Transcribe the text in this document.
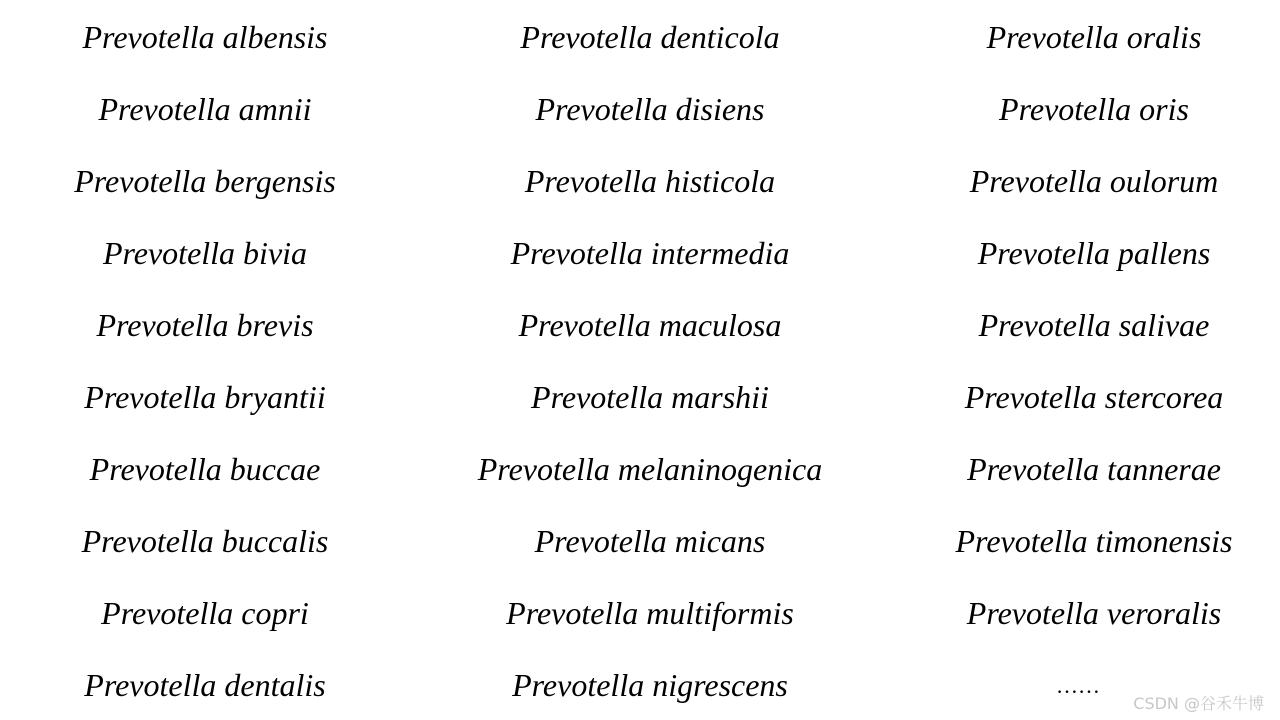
Prevotella albensis
Prevotella amnii
Prevotella bergensis
Prevotella bivia
Prevotella brevis
Prevotella bryantii
Prevotella buccae
Prevotella buccalis
Prevotella copri
Prevotella dentalis
Prevotella denticola
Prevotella disiens
Prevotella histicola
Prevotella intermedia
Prevotella maculosa
Prevotella marshii
Prevotella melaninogenica
Prevotella micans
Prevotella multiformis
Prevotella nigrescens
Prevotella oralis
Prevotella oris
Prevotella oulorum
Prevotella pallens
Prevotella salivae
Prevotella stercorea
Prevotella tannerae
Prevotella timonensis
Prevotella veroralis
……
CSDN @谷禾牛博
